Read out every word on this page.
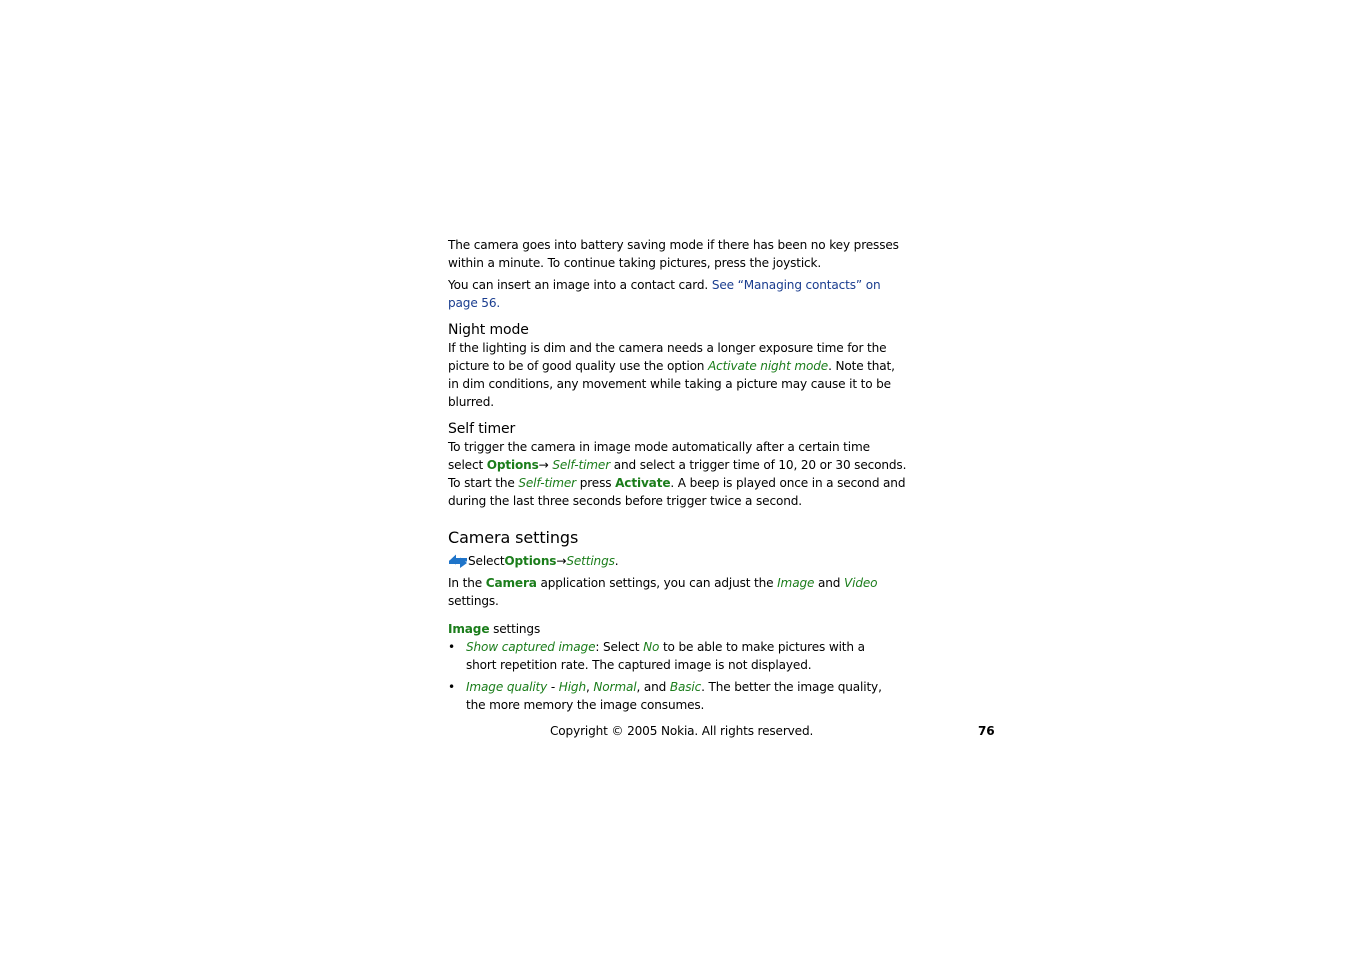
The camera goes into battery saving mode if there has been no key presses within a minute. To continue taking pictures, press the joystick.

You can insert an image into a contact card. See “Managing contacts” on page 56.

Night mode

If the lighting is dim and the camera needs a longer exposure time for the picture to be of good quality use the option Activate night mode. Note that, in dim conditions, any movement while taking a picture may cause it to be blurred.

Self timer

To trigger the camera in image mode automatically after a certain time select Options→ Self-timer and select a trigger time of 10, 20 or 30 seconds. To start the Self-timer press Activate. A beep is played once in a second and during the last three seconds before trigger twice a second.

Camera settings
Select Options → Settings .

In the Camera application settings, you can adjust the Image and Video settings.

Image settings
• Show captured image: Select No to be able to make pictures with a short repetition rate. The captured image is not displayed.
• Image quality - High, Normal, and Basic. The better the image quality, the more memory the image consumes.
Copyright © 2005 Nokia. All rights reserved.	76
